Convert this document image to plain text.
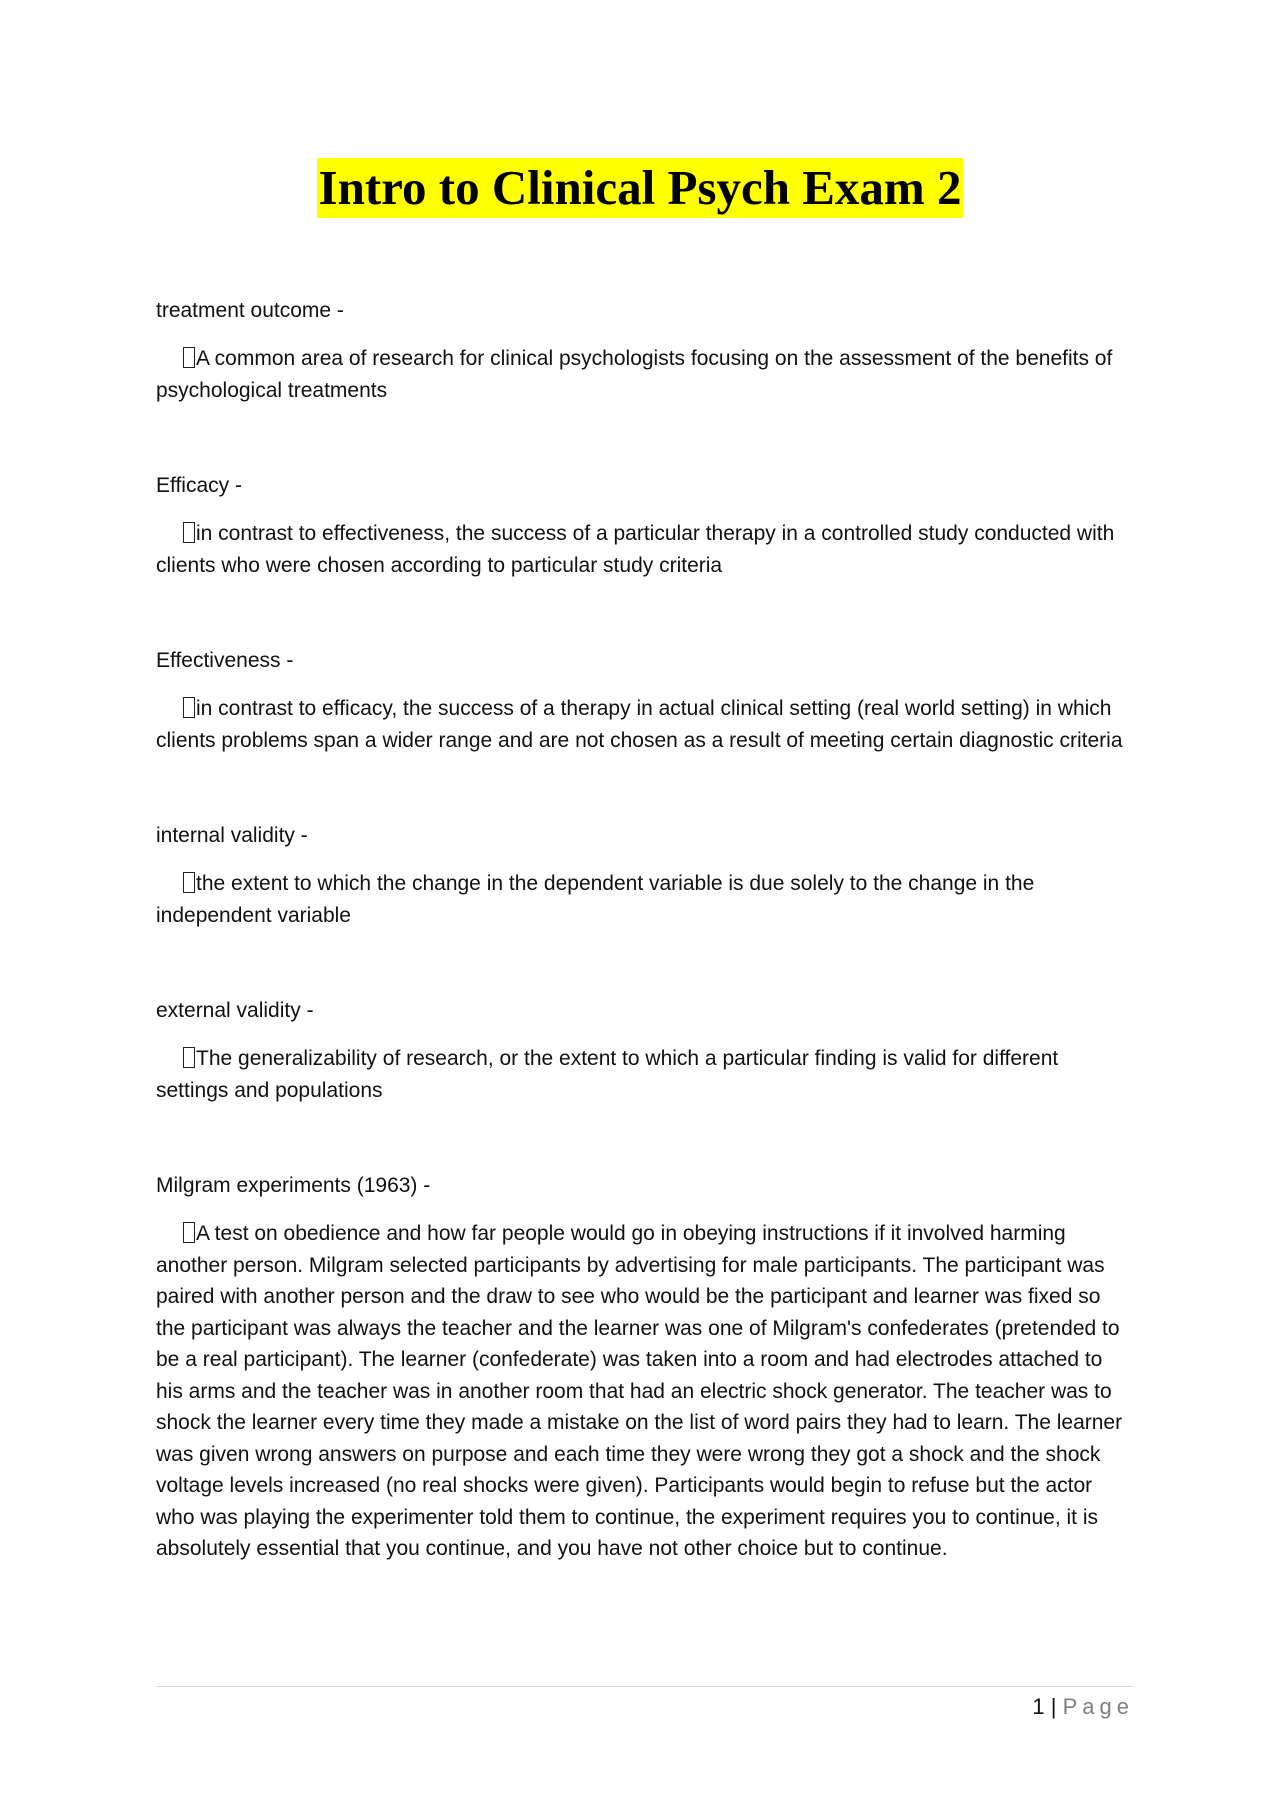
Intro to Clinical Psych Exam 2

treatment outcome -

A common area of research for clinical psychologists focusing on the assessment of the benefits of psychological treatments

Efficacy -

in contrast to effectiveness, the success of a particular therapy in a controlled study conducted with clients who were chosen according to particular study criteria

Effectiveness -

in contrast to efficacy, the success of a therapy in actual clinical setting (real world setting) in which clients problems span a wider range and are not chosen as a result of meeting certain diagnostic criteria

internal validity -

the extent to which the change in the dependent variable is due solely to the change in the independent variable

external validity -

The generalizability of research, or the extent to which a particular finding is valid for different settings and populations

Milgram experiments (1963) -

A test on obedience and how far people would go in obeying instructions if it involved harming another person. Milgram selected participants by advertising for male participants. The participant was paired with another person and the draw to see who would be the participant and learner was fixed so the participant was always the teacher and the learner was one of Milgram's confederates (pretended to be a real participant). The learner (confederate) was taken into a room and had electrodes attached to his arms and the teacher was in another room that had an electric shock generator. The teacher was to shock the learner every time they made a mistake on the list of word pairs they had to learn. The learner was given wrong answers on purpose and each time they were wrong they got a shock and the shock voltage levels increased (no real shocks were given). Participants would begin to refuse but the actor who was playing the experimenter told them to continue, the experiment requires you to continue, it is absolutely essential that you continue, and you have not other choice but to continue.

1 | Page
